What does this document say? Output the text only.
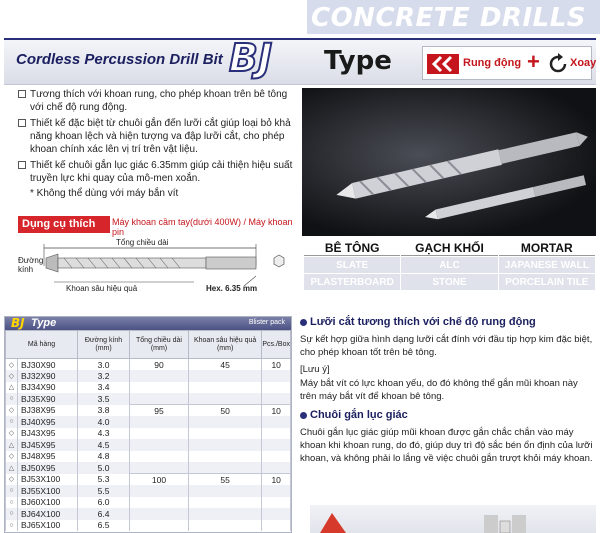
CONCRETE DRILLS
Cordless Percussion Drill Bit BJ Type	Rung động +	Xoay
Tương thích với khoan rung, cho phép khoan trên bê tông với chế độ rung động.
Thiết kế đặc biệt từ chuôi gắn đến lưỡi cắt giúp loại bỏ khả năng khoan lệch và hiện tượng va đập lưỡi cắt, cho phép khoan chính xác lên vị trí trên vật liệu.
Thiết kế chuôi gắn lục giác 6.35mm giúp cải thiện hiệu suất truyền lực khi quay của mô-men xoắn.
* Không thể dùng với máy bắn vít
Dụng cụ thích hợp
Máy khoan cầm tay(dưới 400W) / Máy khoan pin
Tổng chiều dài
Đường kính
Khoan sâu hiệu quả	Hex. 6.35 mm
BÊ TÔNG	GẠCH KHỐI	MORTAR
SLATE	ALC	JAPANESE WALL
PLASTERBOARD	STONE	PORCELAIN TILE
BJ Type	Blister pack
Mã hàng		Đường kính (mm)	Tổng chiều dài (mm)	Khoan sâu hiệu quả (mm)	Pcs./Box
◇	BJ30X90	3.0	90	45	10
◇	BJ32X90	3.2			
△	BJ34X90	3.4			
○	BJ35X90	3.5			
◇	BJ38X95	3.8	95	50	10
○	BJ40X95	4.0			
◇	BJ43X95	4.3			
△	BJ45X95	4.5			
◇	BJ48X95	4.8			
△	BJ50X95	5.0			
◇	BJ53X100	5.3	100	55	10
○	BJ55X100	5.5			
○	BJ60X100	6.0			
○	BJ64X100	6.4			
○	BJ65X100	6.5			
Lưỡi cắt tương thích với chế độ rung động
Sự kết hợp giữa hình dạng lưỡi cắt đính với đầu tip hợp kim đặc biệt, cho phép khoan tốt trên bê tông.
[Lưu ý]
Máy bắt vít có lực khoan yếu, do đó không thể gắn mũi khoan này trên máy bắt vít để khoan bê tông.
Chuôi gắn lục giác
Chuôi gắn lục giác giúp mũi khoan được gắn chắc chắn vào máy khoan khi khoan rung, do đó, giúp duy trì độ sắc bén ổn định của lưỡi khoan, và không phải lo lắng về việc chuôi gắn trượt khỏi máy khoan.
